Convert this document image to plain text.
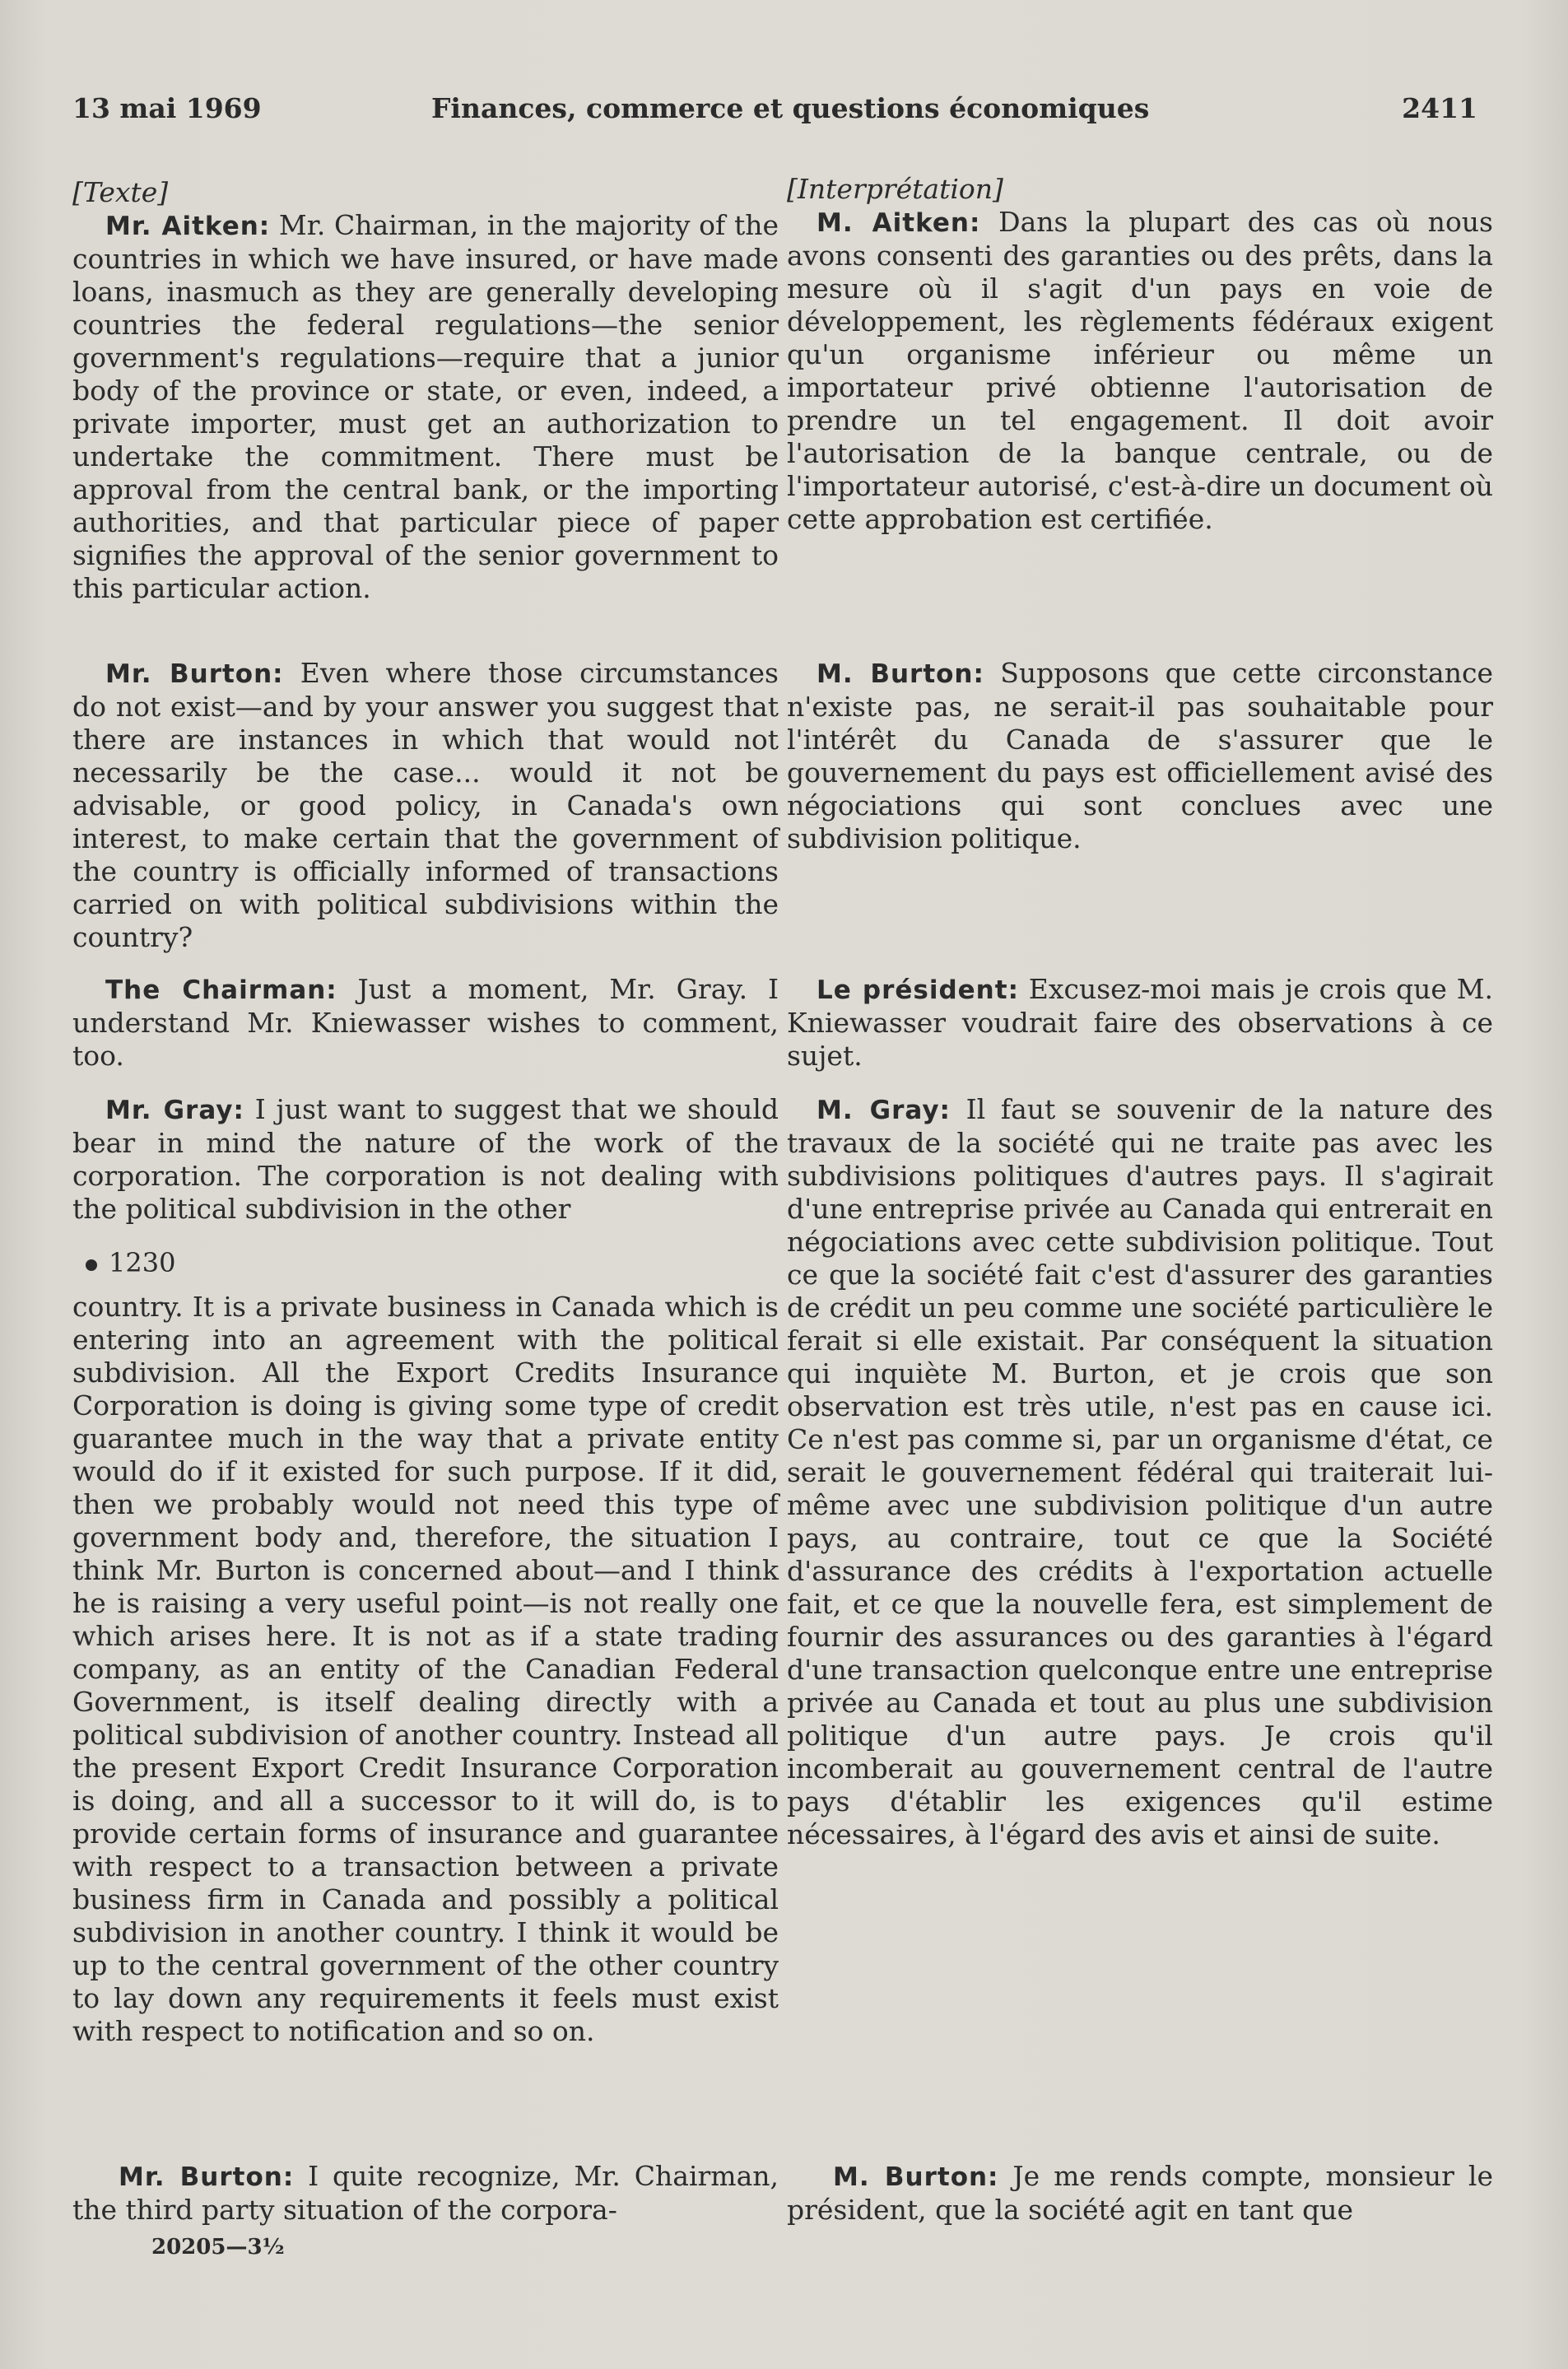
13 mai 1969	Finances, commerce et questions économiques	2411
[Texte]

Mr. Aitken: Mr. Chairman, in the majority of the countries in which we have insured, or have made loans, inasmuch as they are generally developing countries the federal regulations—the senior government's regulations—require that a junior body of the province or state, or even, indeed, a private importer, must get an authorization to undertake the commitment. There must be approval from the central bank, or the importing authorities, and that particular piece of paper signifies the approval of the senior government to this particular action.

Mr. Burton: Even where those circumstances do not exist—and by your answer you suggest that there are instances in which that would not necessarily be the case... would it not be advisable, or good policy, in Canada's own interest, to make certain that the government of the country is officially informed of transactions carried on with political subdivisions within the country?

The Chairman: Just a moment, Mr. Gray. I understand Mr. Kniewasser wishes to comment, too.

Mr. Gray: I just want to suggest that we should bear in mind the nature of the work of the corporation. The corporation is not dealing with the political subdivision in the other

1230

country. It is a private business in Canada which is entering into an agreement with the political subdivision. All the Export Credits Insurance Corporation is doing is giving some type of credit guarantee much in the way that a private entity would do if it existed for such purpose. If it did, then we probably would not need this type of government body and, therefore, the situation I think Mr. Burton is concerned about—and I think he is raising a very useful point—is not really one which arises here. It is not as if a state trading company, as an entity of the Canadian Federal Government, is itself dealing directly with a political subdivision of another country. Instead all the present Export Credit Insurance Corporation is doing, and all a successor to it will do, is to provide certain forms of insurance and guarantee with respect to a transaction between a private business firm in Canada and possibly a political subdivision in another country. I think it would be up to the central government of the other country to lay down any requirements it feels must exist with respect to notification and so on.

Mr. Burton: I quite recognize, Mr. Chairman, the third party situation of the corpora-

20205—3½
[Interprétation]

M. Aitken: Dans la plupart des cas où nous avons consenti des garanties ou des prêts, dans la mesure où il s'agit d'un pays en voie de développement, les règlements fédéraux exigent qu'un organisme inférieur ou même un importateur privé obtienne l'autorisation de prendre un tel engagement. Il doit avoir l'autorisation de la banque centrale, ou de l'importateur autorisé, c'est-à-dire un document où cette approbation est certifiée.

M. Burton: Supposons que cette circonstance n'existe pas, ne serait-il pas souhaitable pour l'intérêt du Canada de s'assurer que le gouvernement du pays est officiellement avisé des négociations qui sont conclues avec une subdivision politique.

Le président: Excusez-moi mais je crois que M. Kniewasser voudrait faire des observations à ce sujet.

M. Gray: Il faut se souvenir de la nature des travaux de la société qui ne traite pas avec les subdivisions politiques d'autres pays. Il s'agirait d'une entreprise privée au Canada qui entrerait en négociations avec cette subdivision politique. Tout ce que la société fait c'est d'assurer des garanties de crédit un peu comme une société particulière le ferait si elle existait. Par conséquent la situation qui inquiète M. Burton, et je crois que son observation est très utile, n'est pas en cause ici. Ce n'est pas comme si, par un organisme d'état, ce serait le gouvernement fédéral qui traiterait lui-même avec une subdivision politique d'un autre pays, au contraire, tout ce que la Société d'assurance des crédits à l'exportation actuelle fait, et ce que la nouvelle fera, est simplement de fournir des assurances ou des garanties à l'égard d'une transaction quelconque entre une entreprise privée au Canada et tout au plus une subdivision politique d'un autre pays. Je crois qu'il incomberait au gouvernement central de l'autre pays d'établir les exigences qu'il estime nécessaires, à l'égard des avis et ainsi de suite.

M. Burton: Je me rends compte, monsieur le président, que la société agit en tant que
